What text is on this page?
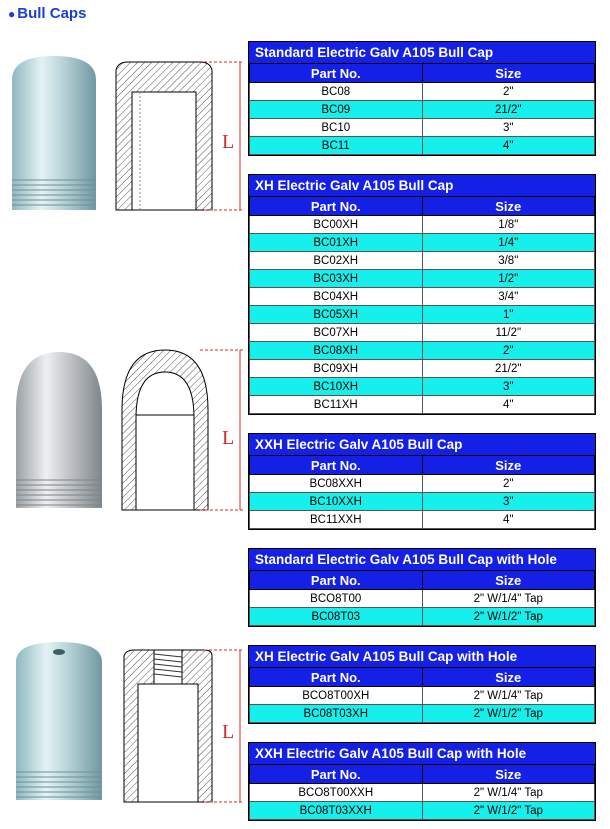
● Bull Caps
L
L
L
Standard Electric Galv A105 Bull Cap
Part No.	Size
BC08	2"
BC09	21/2"
BC10	3"
BC11	4"
XH Electric Galv A105 Bull Cap
Part No.	Size
BC00XH	1/8"
BC01XH	1/4"
BC02XH	3/8"
BC03XH	1/2"
BC04XH	3/4"
BC05XH	1"
BC07XH	11/2"
BC08XH	2"
BC09XH	21/2"
BC10XH	3"
BC11XH	4"
XXH Electric Galv A105 Bull Cap
Part No.	Size
BC08XXH	2"
BC10XXH	3"
BC11XXH	4"
Standard Electric Galv A105 Bull Cap with Hole
Part No.	Size
BCO8T00	2" W/1/4" Tap
BC08T03	2" W/1/2" Tap
XH Electric Galv A105 Bull Cap with Hole
Part No.	Size
BCO8T00XH	2" W/1/4" Tap
BC08T03XH	2" W/1/2" Tap
XXH Electric Galv A105 Bull Cap with Hole
Part No.	Size
BCO8T00XXH	2" W/1/4" Tap
BC08T03XXH	2" W/1/2" Tap
